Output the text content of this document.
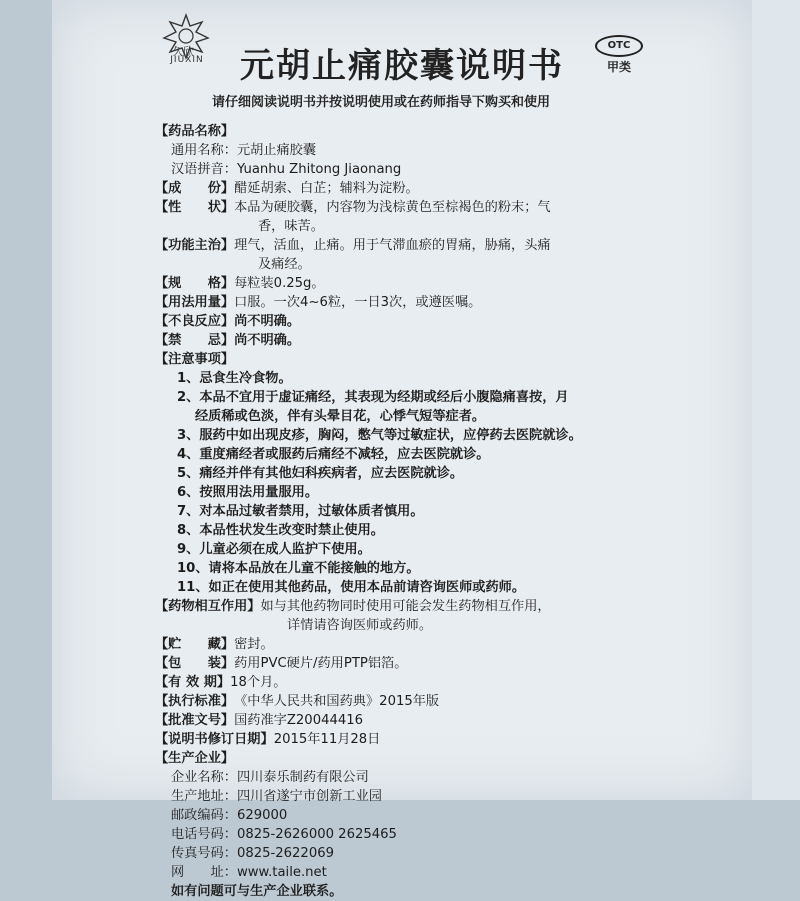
久欣
JIUXIN 元胡止痛胶囊说明书
OTC
甲类
请仔细阅读说明书并按说明使用或在药师指导下购买和使用
【药品名称】
通用名称： 元胡止痛胶囊
汉语拼音： Yuanhu Zhitong Jiaonang
【成　　份】 醋延胡索、白芷；辅料为淀粉。
【性　　状】 本品为硬胶囊，内容物为浅棕黄色至棕褐色的粉末；气
香，味苦。
【功能主治】 理气，活血，止痛。用于气滞血瘀的胃痛，胁痛，头痛
及痛经。
【规　　格】 每粒装0.25g。
【用法用量】 口服。一次4~6粒，一日3次，或遵医嘱。
【不良反应】 尚不明确。
【禁　　忌】 尚不明确。
【注意事项】
1、忌食生冷食物。
2、本品不宜用于虚证痛经，其表现为经期或经后小腹隐痛喜按，月
经质稀或色淡，伴有头晕目花，心悸气短等症者。
3、服药中如出现皮疹，胸闷，憋气等过敏症状，应停药去医院就诊。
4、重度痛经者或服药后痛经不减轻，应去医院就诊。
5、痛经并伴有其他妇科疾病者，应去医院就诊。
6、按照用法用量服用。
7、对本品过敏者禁用，过敏体质者慎用。
8、本品性状发生改变时禁止使用。
9、儿童必须在成人监护下使用。
10、请将本品放在儿童不能接触的地方。
11、如正在使用其他药品，使用本品前请咨询医师或药师。
【药物相互作用】 如与其他药物同时使用可能会发生药物相互作用，
详情请咨询医师或药师。
【贮　　藏】 密封。
【包　　装】 药用PVC硬片/药用PTP铝箔。
【有 效 期】 18个月。
【执行标准】 《中华人民共和国药典》2015年版
【批准文号】 国药准字Z20044416
【说明书修订日期】 2015年11月28日
【生产企业】
企业名称： 四川泰乐制药有限公司
生产地址： 四川省遂宁市创新工业园
邮政编码： 629000
电话号码： 0825-2626000 2625465
传真号码： 0825-2622069
网　　址： www.taile.net
如有问题可与生产企业联系。
